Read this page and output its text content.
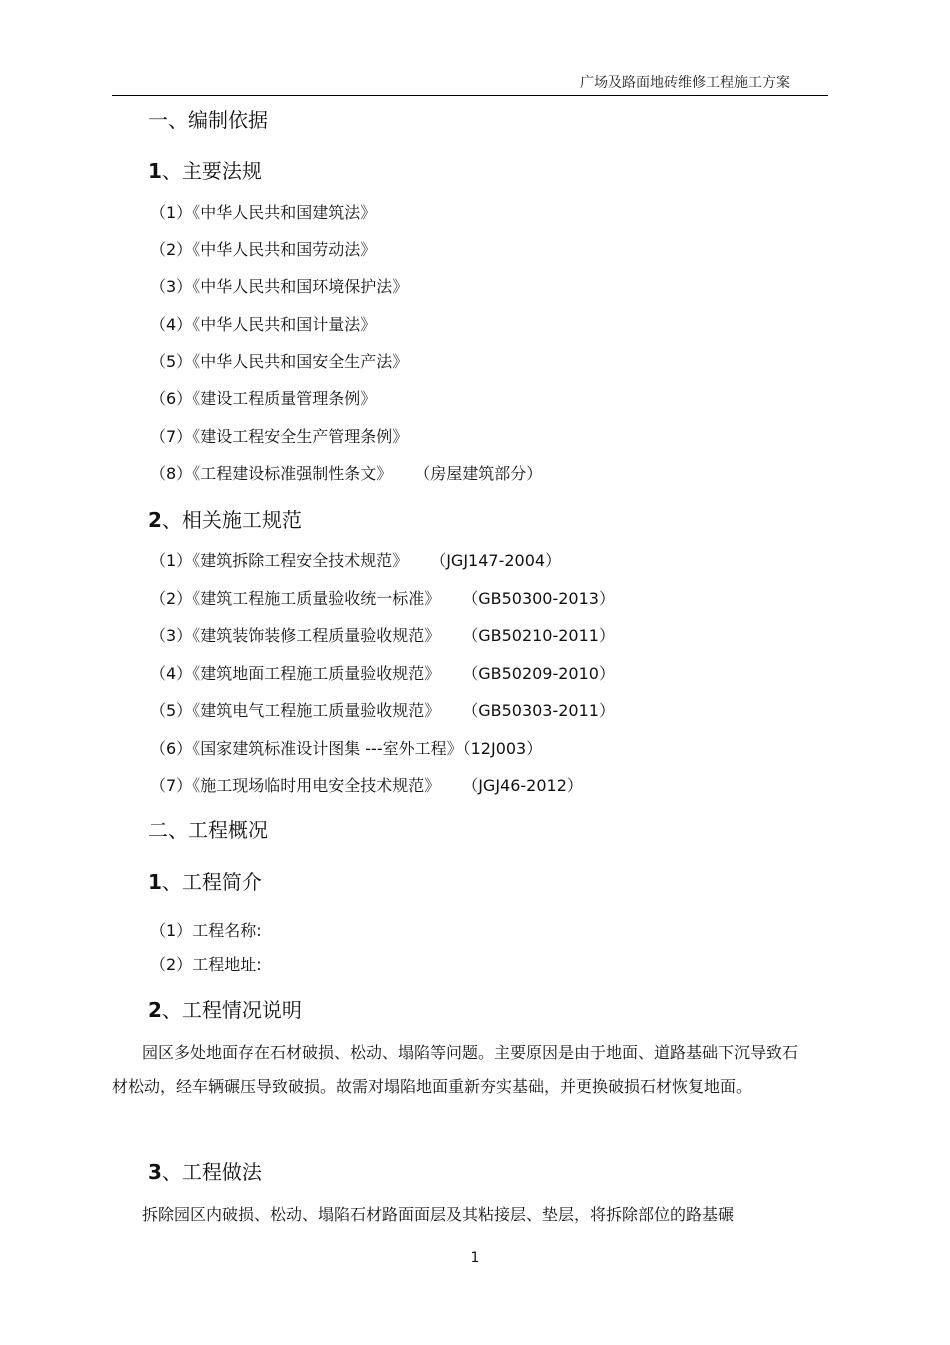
广场及路面地砖维修工程施工方案
一、编制依据
1、主要法规
（1）《中华人民共和国建筑法》
（2）《中华人民共和国劳动法》
（3）《中华人民共和国环境保护法》
（4）《中华人民共和国计量法》
（5）《中华人民共和国安全生产法》
（6）《建设工程质量管理条例》
（7）《建设工程安全生产管理条例》
（8）《工程建设标准强制性条文》 （房屋建筑部分）
2、相关施工规范
（1）《建筑拆除工程安全技术规范》 （JGJ147-2004）
（2）《建筑工程施工质量验收统一标准》 （GB50300-2013）
（3）《建筑装饰装修工程质量验收规范》 （GB50210-2011）
（4）《建筑地面工程施工质量验收规范》 （GB50209-2010）
（5）《建筑电气工程施工质量验收规范》 （GB50303-2011）
（6）《国家建筑标准设计图集 ---室外工程》（12J003）
（7）《施工现场临时用电安全技术规范》 （JGJ46-2012）
二、工程概况
1、工程简介
（1）工程名称:
（2）工程地址:
2、工程情况说明
园区多处地面存在石材破损、松动、塌陷等问题。主要原因是由于地面、道路基础下沉导致石材松动，经车辆碾压导致破损。故需对塌陷地面重新夯实基础，并更换破损石材恢复地面。
3、工程做法
拆除园区内破损、松动、塌陷石材路面面层及其粘接层、垫层，将拆除部位的路基碾
1
